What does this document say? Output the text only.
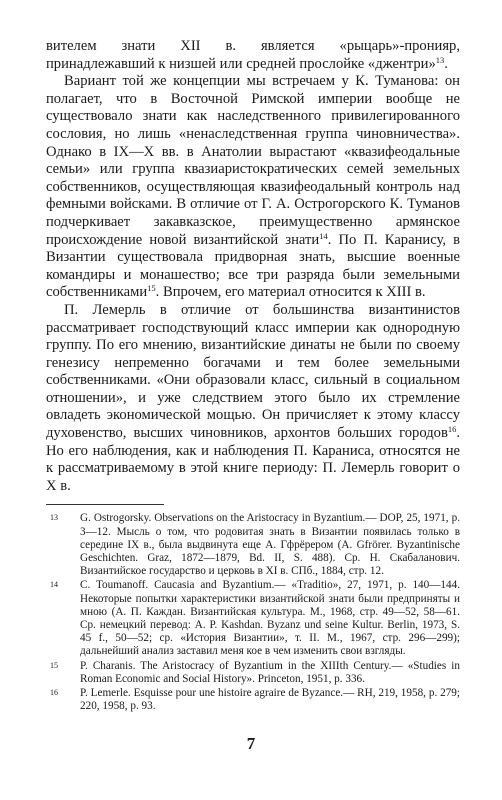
вителем знати XII в. является «рыцарь»-пронияр, принадлежавший к низшей или средней прослойке «джентри»$^{13}$.

Вариант той же концепции мы встречаем у К. Туманова: он полагает, что в Восточной Римской империи вообще не существовало знати как наследственного привилегированного сословия, но лишь «ненаследственная группа чиновничества». Однако в IX—X вв. в Анатолии вырастают «квазифеодальные семьи» или группа квазиаристократических семей земельных собственников, осуществляющая квазифеодальный контроль над фемными войсками. В отличие от Г. А. Острогорского К. Туманов подчеркивает закавказское, преимущественно армянское происхождение новой византийской знати$^{14}$. По П. Каранису, в Византии существовала придворная знать, высшие военные командиры и монашество; все три разряда были земельными собственниками$^{15}$. Впрочем, его материал относится к XIII в.

П. Лемерль в отличие от большинства византинистов рассматривает господствующий класс империи как однородную группу. По его мнению, византийские динаты не были по своему генезису непременно богачами и тем более земельными собственниками. «Они образовали класс, сильный в социальном отношении», и уже следствием этого было их стремление овладеть экономической мощью. Он причисляет к этому классу духовенство, высших чиновников, архонтов больших городов$^{16}$. Но его наблюдения, как и наблюдения П. Караниса, относятся не к рассматриваемому в этой книге периоду: П. Лемерль говорит о X в.

13 G. Ostrogorsky. Observations on the Aristocracy in Byzantium.— DOP, 25, 1971, p. 3—12. Мысль о том, что родовитая знать в Византии появилась только в середине IX в., была выдвинута еще А. Гфрёрером (A. Gfrörer. Byzantinische Geschichten. Graz, 1872—1879, Bd. II, S. 488). Ср. Н. Скабаланович. Византийское государство и церковь в XI в. СПб., 1884, стр. 12.
14 C. Toumanoff. Caucasia and Byzantium.— «Traditio», 27, 1971, p. 140—144. Некоторые попытки характеристики византийской знати были предприняты и мною (А. П. Каждан. Византийская культура. М., 1968, стр. 49—52, 58—61. Ср. немецкий перевод: A. P. Kashdan. Byzanz und seine Kultur. Berlin, 1973, S. 45 f., 50—52; ср. «История Византии», т. II. М., 1967, стр. 296—299); дальнейший анализ заставил меня кое в чем изменить свои взгляды.
15 P. Charanis. The Aristocracy of Byzantium in the XIIIth Century.— «Studies in Roman Economic and Social History». Princeton, 1951, p. 336.
16 P. Lemerle. Esquisse pour une histoire agraire de Byzance.— RH, 219, 1958, p. 279; 220, 1958, p. 93.
7
